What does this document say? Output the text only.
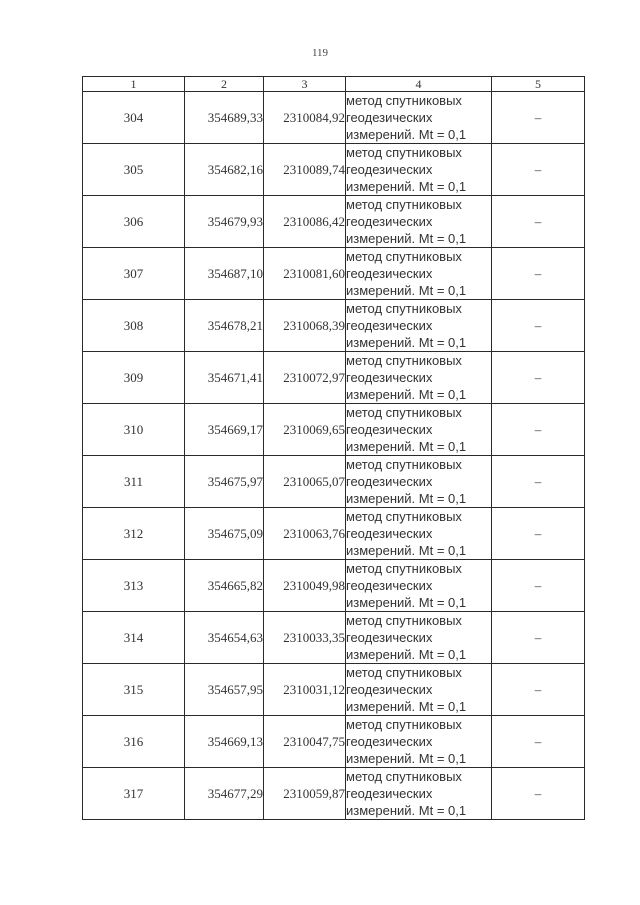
119
1	2	3	4	5
304	354689,33	2310084,92	метод спутниковых
геодезических
измерений. Mt = 0,1	–
305	354682,16	2310089,74	метод спутниковых
геодезических
измерений. Mt = 0,1	–
306	354679,93	2310086,42	метод спутниковых
геодезических
измерений. Mt = 0,1	–
307	354687,10	2310081,60	метод спутниковых
геодезических
измерений. Mt = 0,1	–
308	354678,21	2310068,39	метод спутниковых
геодезических
измерений. Mt = 0,1	–
309	354671,41	2310072,97	метод спутниковых
геодезических
измерений. Mt = 0,1	–
310	354669,17	2310069,65	метод спутниковых
геодезических
измерений. Mt = 0,1	–
311	354675,97	2310065,07	метод спутниковых
геодезических
измерений. Mt = 0,1	–
312	354675,09	2310063,76	метод спутниковых
геодезических
измерений. Mt = 0,1	–
313	354665,82	2310049,98	метод спутниковых
геодезических
измерений. Mt = 0,1	–
314	354654,63	2310033,35	метод спутниковых
геодезических
измерений. Mt = 0,1	–
315	354657,95	2310031,12	метод спутниковых
геодезических
измерений. Mt = 0,1	–
316	354669,13	2310047,75	метод спутниковых
геодезических
измерений. Mt = 0,1	–
317	354677,29	2310059,87	метод спутниковых
геодезических
измерений. Mt = 0,1	–
